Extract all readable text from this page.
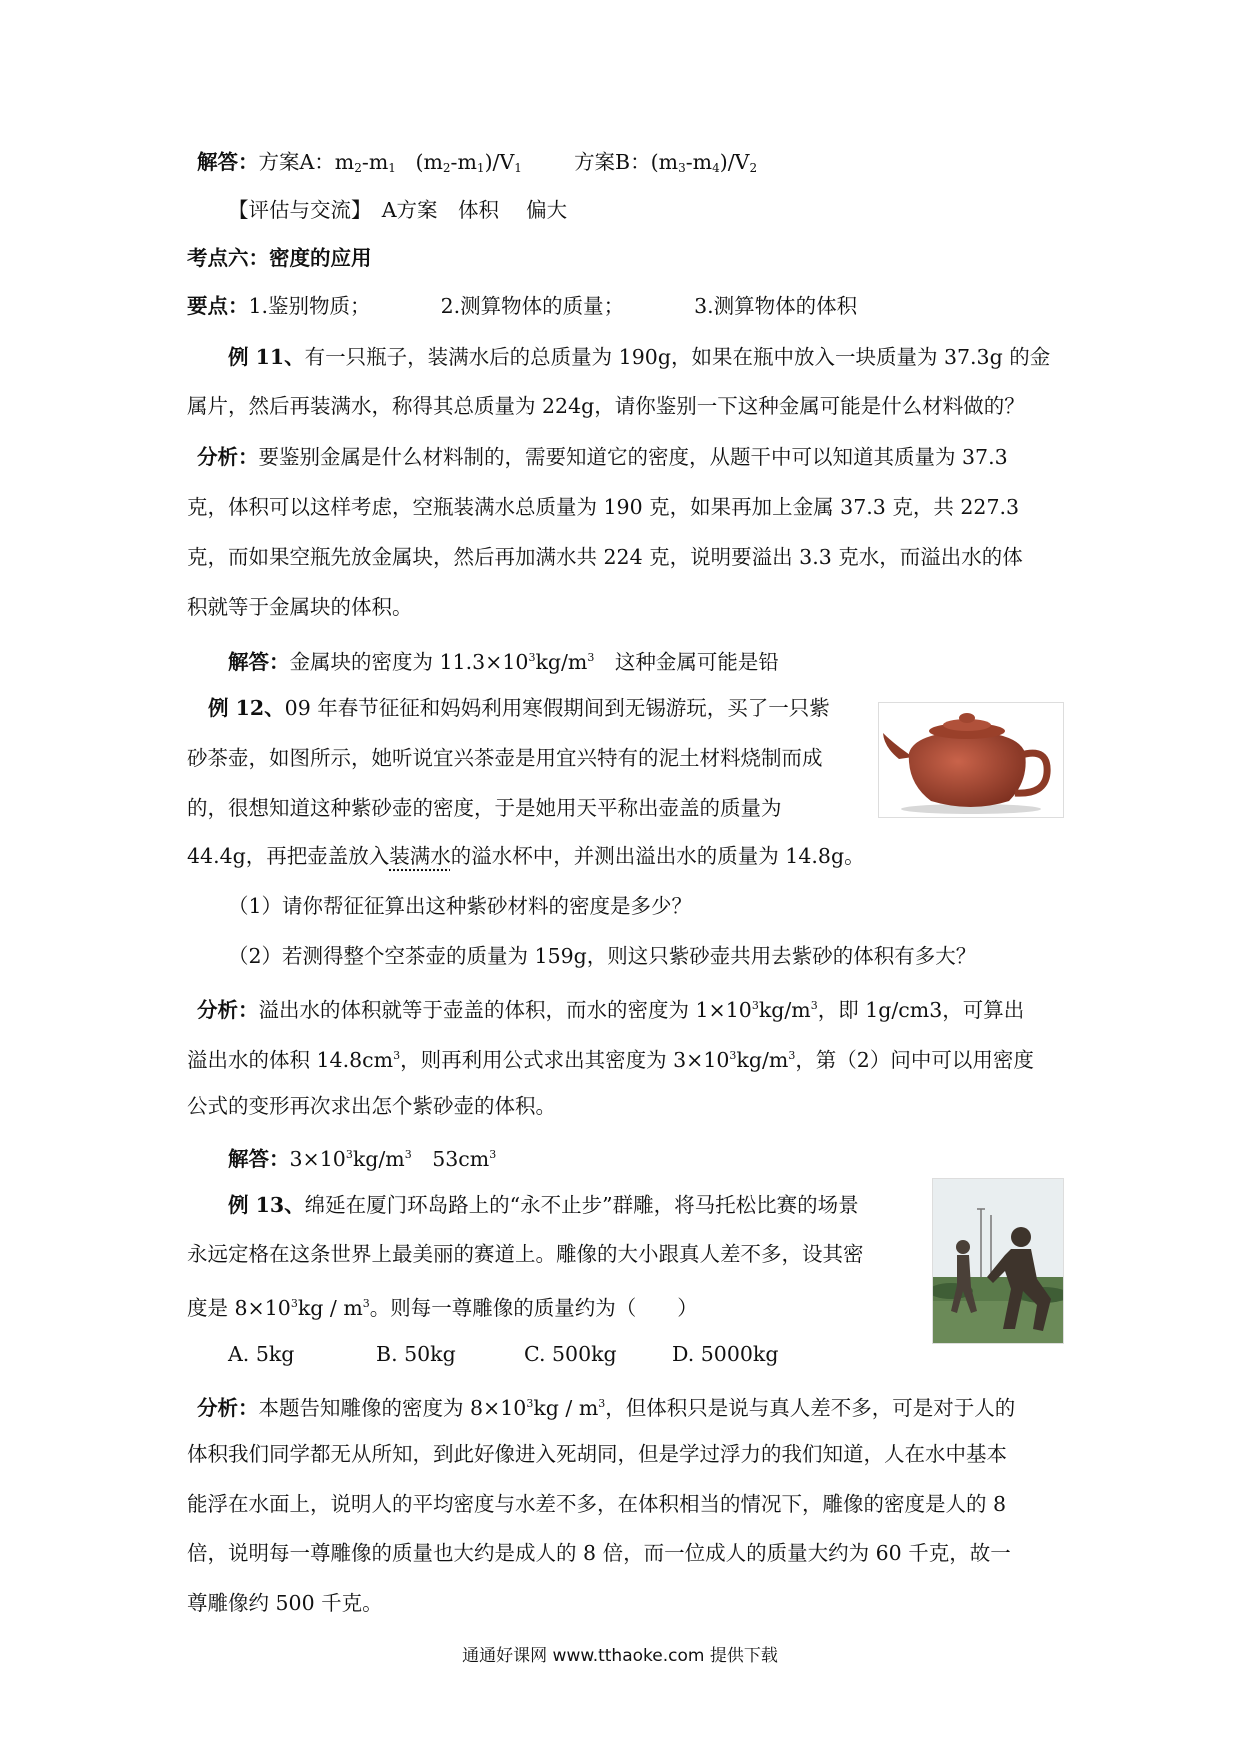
解答：方案A：$m_2-m_1$ $(m_2-m_1)/V_1$	方案B：$(m_3-m_4)/V_2$
【评估与交流】　A方案　体积　 偏大
考点六：密度的应用
要点：1.鉴别物质；	2.测算物体的质量；	3.测算物体的体积
例 11、有一只瓶子，装满水后的总质量为 190g，如果在瓶中放入一块质量为 37.3g 的金
属片，然后再装满水，称得其总质量为 224g，请你鉴别一下这种金属可能是什么材料做的？
分析：要鉴别金属是什么材料制的，需要知道它的密度，从题干中可以知道其质量为 37.3
克，体积可以这样考虑，空瓶装满水总质量为 190 克，如果再加上金属 37.3 克，共 227.3
克，而如果空瓶先放金属块，然后再加满水共 224 克，说明要溢出 3.3 克水，而溢出水的体
积就等于金属块的体积。
解答：金属块的密度为 $11.3\times 10^3kg/m^3$　这种金属可能是铅
例 12、09 年春节征征和妈妈利用寒假期间到无锡游玩，买了一只紫
砂茶壶，如图所示，她听说宜兴茶壶是用宜兴特有的泥土材料烧制而成
的，很想知道这种紫砂壶的密度，于是她用天平称出壶盖的质量为
44.4g，再把壶盖放入装满水的溢水杯中，并测出溢出水的质量为 14.8g。
（1）请你帮征征算出这种紫砂材料的密度是多少？
（2）若测得整个空茶壶的质量为 159g，则这只紫砂壶共用去紫砂的体积有多大？
分析：溢出水的体积就等于壶盖的体积，而水的密度为 $1\times 10^3kg/m^3$，即 1g/cm3，可算出
溢出水的体积 $14.8cm^3$，则再利用公式求出其密度为 $3\times 10^3kg/m^3$，第（2）问中可以用密度
公式的变形再次求出怎个紫砂壶的体积。
解答：$3\times 10^3kg/m^3$　$53cm^3$
例 13、绵延在厦门环岛路上的“永不止步”群雕，将马托松比赛的场景
永远定格在这条世界上最美丽的赛道上。雕像的大小跟真人差不多，设其密
度是 $8\times 10^3kg / m^3$。则每一尊雕像的质量约为（　　）
A. 5kg	B. 50kg	C. 500kg	D. 5000kg
分析：本题告知雕像的密度为 $8\times 10^3kg / m^3$，但体积只是说与真人差不多，可是对于人的
体积我们同学都无从所知，到此好像进入死胡同，但是学过浮力的我们知道，人在水中基本
能浮在水面上，说明人的平均密度与水差不多，在体积相当的情况下，雕像的密度是人的 8
倍，说明每一尊雕像的质量也大约是成人的 8 倍，而一位成人的质量大约为 60 千克，故一
尊雕像约 500 千克。
通通好课网 www.tthaoke.com 提供下载
